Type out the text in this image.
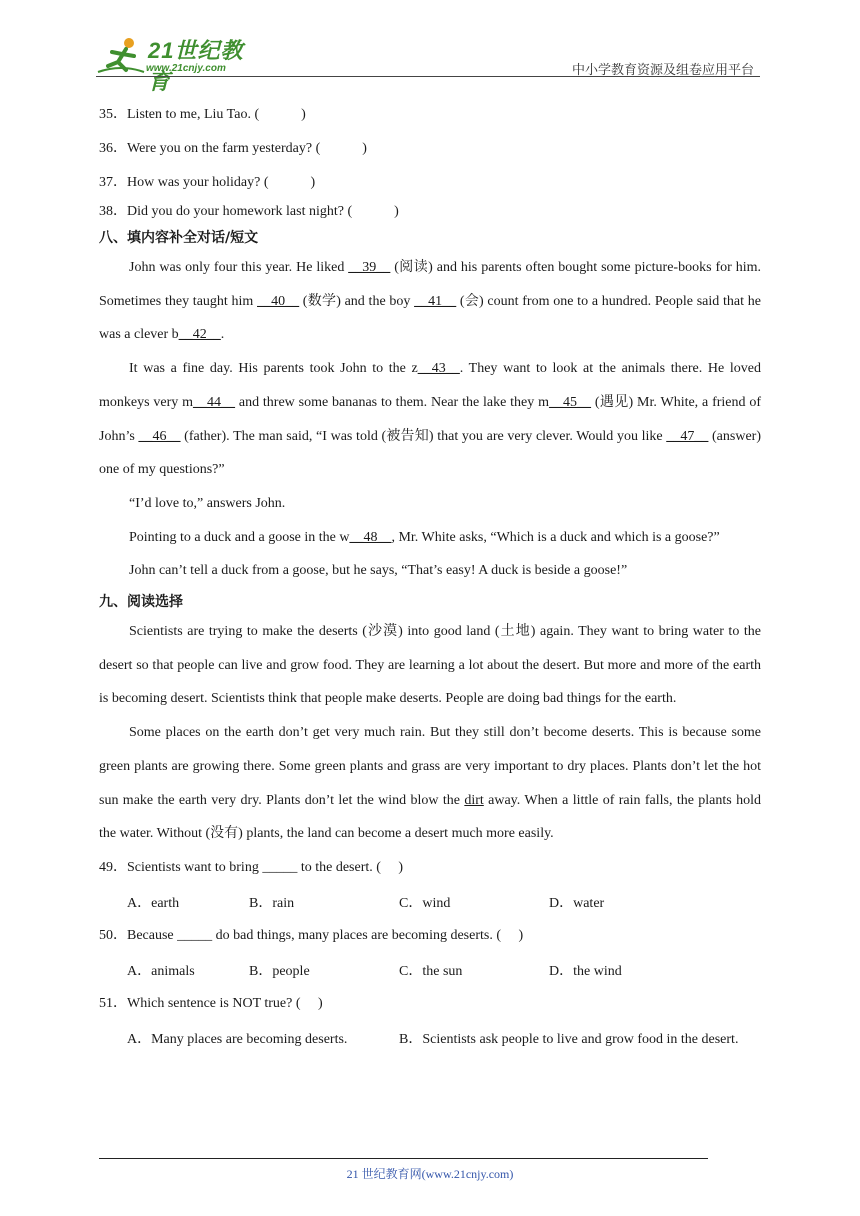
21世纪教育
www.21cnjy.com	中小学教育资源及组卷应用平台
35．Listen to me, Liu Tao. (            )
36．Were you on the farm yesterday? (            )
37．How was your holiday? (            )
38．Did you do your homework last night? (            )
八、填内容补全对话/短文

John was only four this year. He liked __39__ (阅读) and his parents often bought some picture-books for him. Sometimes they taught him __40__ (数学) and the boy __41__ (会) count from one to a hundred. People said that he was a clever b__42__.

It was a fine day. His parents took John to the z__43__. They want to look at the animals there. He loved monkeys very m__44__ and threw some bananas to them. Near the lake they m__45__ (遇见) Mr. White, a friend of John’s __46__ (father). The man said, “I was told (被告知) that you are very clever. Would you like __47__ (answer) one of my questions?”

“I’d love to,” answers John.

Pointing to a duck and a goose in the w__48__, Mr. White asks, “Which is a duck and which is a goose?”

John can’t tell a duck from a goose, but he says, “That’s easy! A duck is beside a goose!”

九、阅读选择

Scientists are trying to make the deserts (沙漠) into good land (土地) again. They want to bring water to the desert so that people can live and grow food. They are learning a lot about the desert. But more and more of the earth is becoming desert. Scientists think that people make deserts. People are doing bad things for the earth.

Some places on the earth don’t get very much rain. But they still don’t become deserts. This is because some green plants are growing there. Some green plants and grass are very important to dry places. Plants don’t let the hot sun make the earth very dry. Plants don’t let the wind blow the dirt away. When a little of rain falls, the plants hold the water. Without (没有) plants, the land can become a desert much more easily.

49．Scientists want to bring _____ to the desert. (     )
A．earth	B．rain	C．wind	D．water
50．Because _____ do bad things, many places are becoming deserts. (     )
A．animals	B．people	C．the sun	D．the wind
51．Which sentence is NOT true? (     )
A．Many places are becoming deserts.	B．Scientists ask people to live and grow food in the desert.
21 世纪教育网(www.21cnjy.com)
